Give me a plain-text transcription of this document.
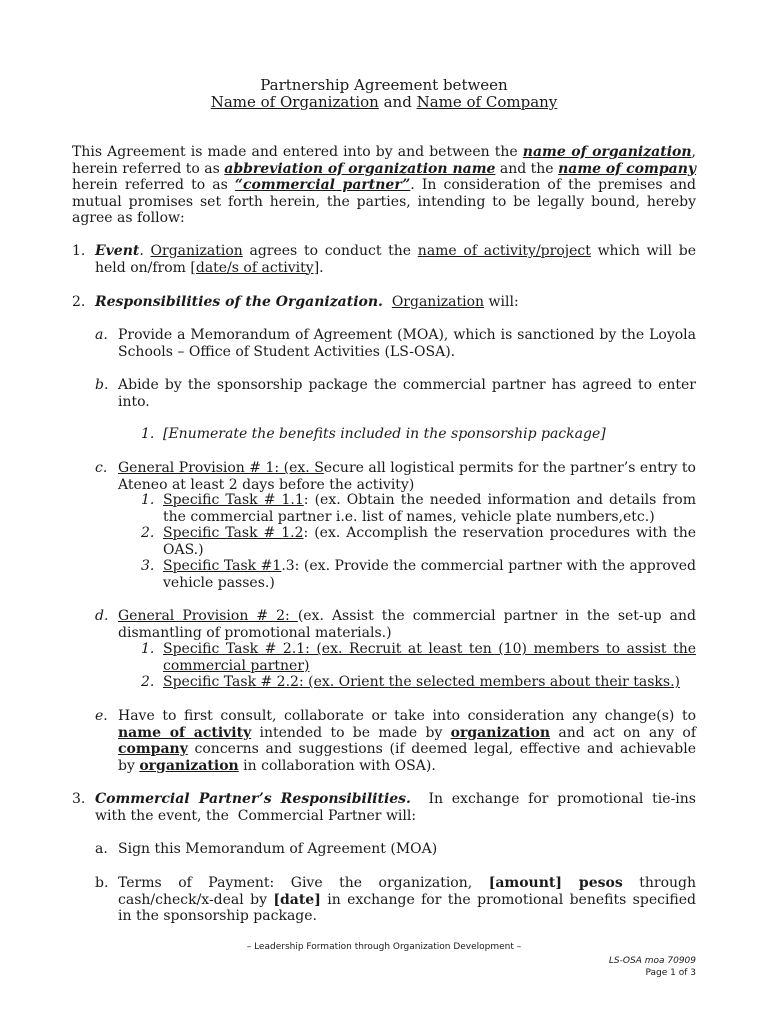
Partnership Agreement between
Name of Organization and Name of Company
This Agreement is made and entered into by and between the name of organization, herein referred to as abbreviation of organization name and the name of company herein referred to as “commercial partner”. In consideration of the premises and mutual promises set forth herein, the parties, intending to be legally bound, hereby agree as follow:
1. Event. Organization agrees to conduct the name of activity/project which will be held on/from [date/s of activity].
2. Responsibilities of the Organization. Organization will:
a. Provide a Memorandum of Agreement (MOA), which is sanctioned by the Loyola Schools – Office of Student Activities (LS-OSA).
b. Abide by the sponsorship package the commercial partner has agreed to enter into.
1. [Enumerate the benefits included in the sponsorship package]
c. General Provision # 1: (ex. Secure all logistical permits for the partner’s entry to Ateneo at least 2 days before the activity)
1. Specific Task # 1.1: (ex. Obtain the needed information and details from the commercial partner i.e. list of names, vehicle plate numbers,etc.)
2. Specific Task # 1.2: (ex. Accomplish the reservation procedures with the OAS.)
3. Specific Task #1.3: (ex. Provide the commercial partner with the approved vehicle passes.)
d. General Provision # 2: (ex. Assist the commercial partner in the set-up and dismantling of promotional materials.)
1. Specific Task # 2.1: (ex. Recruit at least ten (10) members to assist the commercial partner)
2. Specific Task # 2.2: (ex. Orient the selected members about their tasks.)
e. Have to first consult, collaborate or take into consideration any change(s) to name of activity intended to be made by organization and act on any of company concerns and suggestions (if deemed legal, effective and achievable by organization in collaboration with OSA).
3. Commercial Partner’s Responsibilities.  In exchange for promotional tie-ins with the event, the  Commercial Partner will:
a. Sign this Memorandum of Agreement (MOA)
b. Terms of Payment: Give the organization, [amount] pesos through cash/check/x-deal by [date] in exchange for the promotional benefits specified in the sponsorship package.
– Leadership Formation through Organization Development –
LS-OSA moa 70909
Page 1 of 3
